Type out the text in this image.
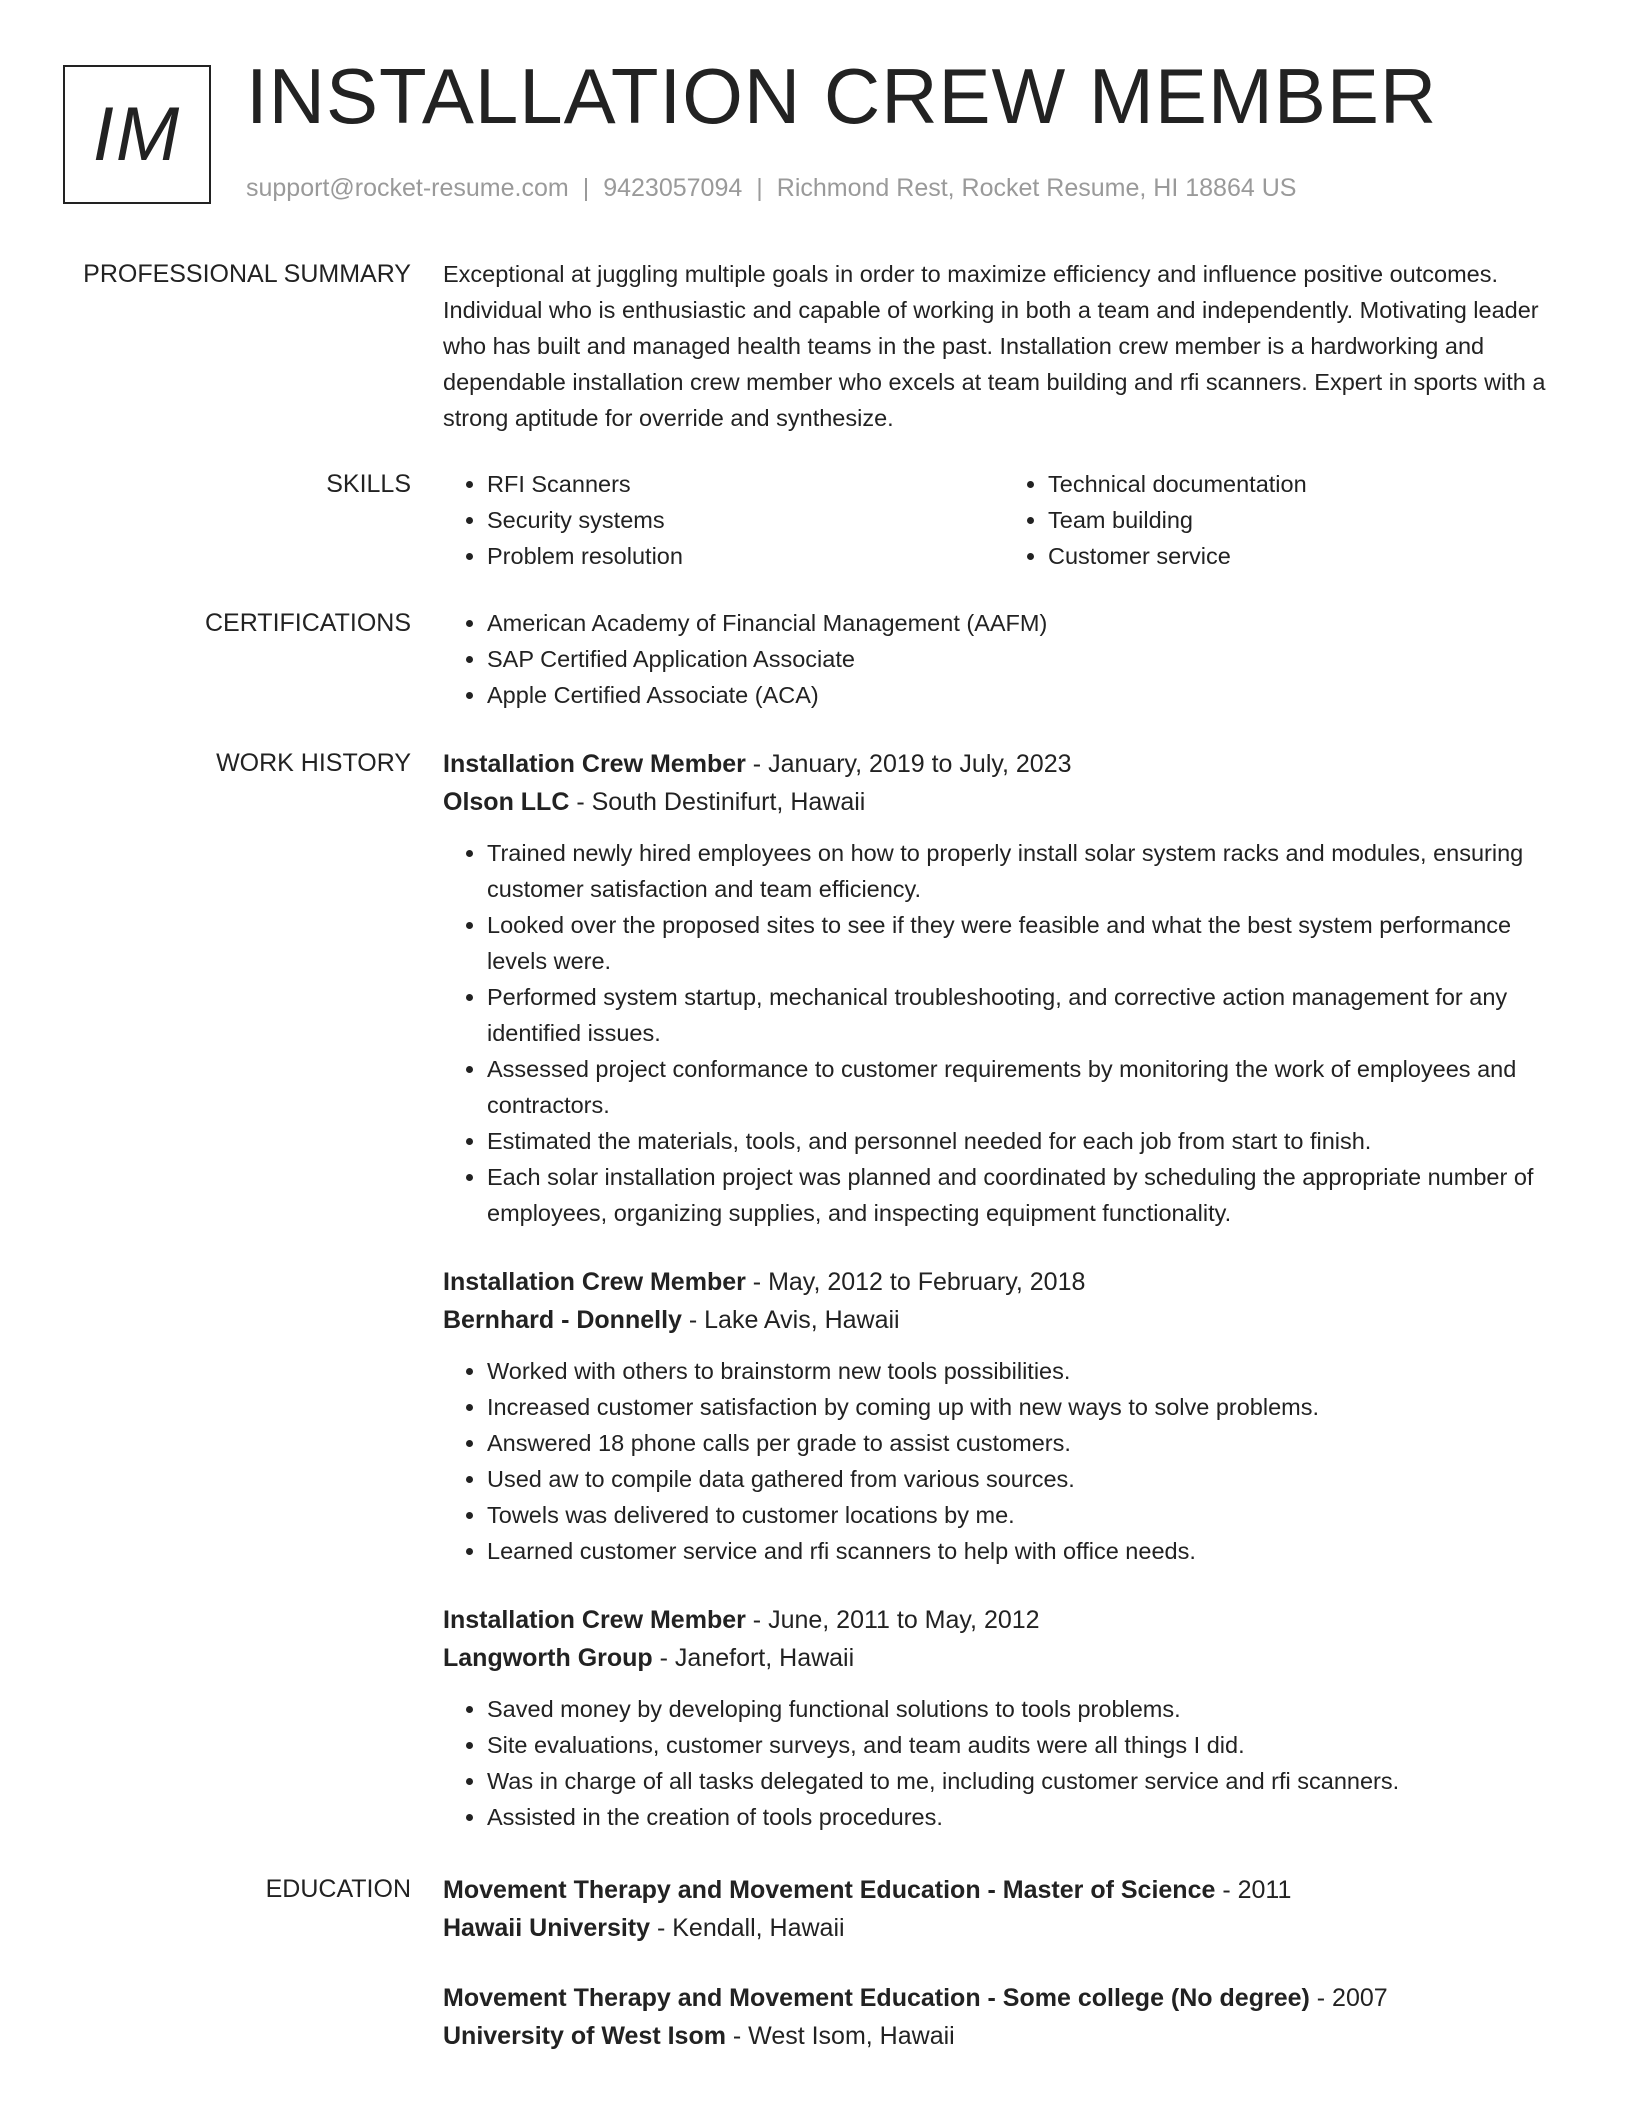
IM INSTALLATION CREW MEMBER
support@rocket-resume.com | 9423057094 | Richmond Rest, Rocket Resume, HI 18864 US
PROFESSIONAL SUMMARY Exceptional at juggling multiple goals in order to maximize efficiency and influence positive outcomes. Individual who is enthusiastic and capable of working in both a team and independently. Motivating leader who has built and managed health teams in the past. Installation crew member is a hardworking and dependable installation crew member who excels at team building and rfi scanners. Expert in sports with a strong aptitude for override and synthesize.

SKILLS	• RFI Scanners
• Security systems
• Problem resolution
• Technical documentation
• Team building
• Customer service
CERTIFICATIONS	• American Academy of Financial Management (AAFM)
• SAP Certified Application Associate
• Apple Certified Associate (ACA)
WORK HISTORY Installation Crew Member - January, 2019 to July, 2023
Olson LLC - South Destinifurt, Hawaii
• Trained newly hired employees on how to properly install solar system racks and modules, ensuring customer satisfaction and team efficiency.
• Looked over the proposed sites to see if they were feasible and what the best system performance levels were.
• Performed system startup, mechanical troubleshooting, and corrective action management for any identified issues.
• Assessed project conformance to customer requirements by monitoring the work of employees and contractors.
• Estimated the materials, tools, and personnel needed for each job from start to finish.
• Each solar installation project was planned and coordinated by scheduling the appropriate number of employees, organizing supplies, and inspecting equipment functionality.
Installation Crew Member - May, 2012 to February, 2018
Bernhard - Donnelly - Lake Avis, Hawaii
• Worked with others to brainstorm new tools possibilities.
• Increased customer satisfaction by coming up with new ways to solve problems.
• Answered 18 phone calls per grade to assist customers.
• Used aw to compile data gathered from various sources.
• Towels was delivered to customer locations by me.
• Learned customer service and rfi scanners to help with office needs.
Installation Crew Member - June, 2011 to May, 2012
Langworth Group - Janefort, Hawaii
• Saved money by developing functional solutions to tools problems.
• Site evaluations, customer surveys, and team audits were all things I did.
• Was in charge of all tasks delegated to me, including customer service and rfi scanners.
• Assisted in the creation of tools procedures.
EDUCATION Movement Therapy and Movement Education - Master of Science - 2011
Hawaii University - Kendall, Hawaii
Movement Therapy and Movement Education - Some college (No degree) - 2007
University of West Isom - West Isom, Hawaii
